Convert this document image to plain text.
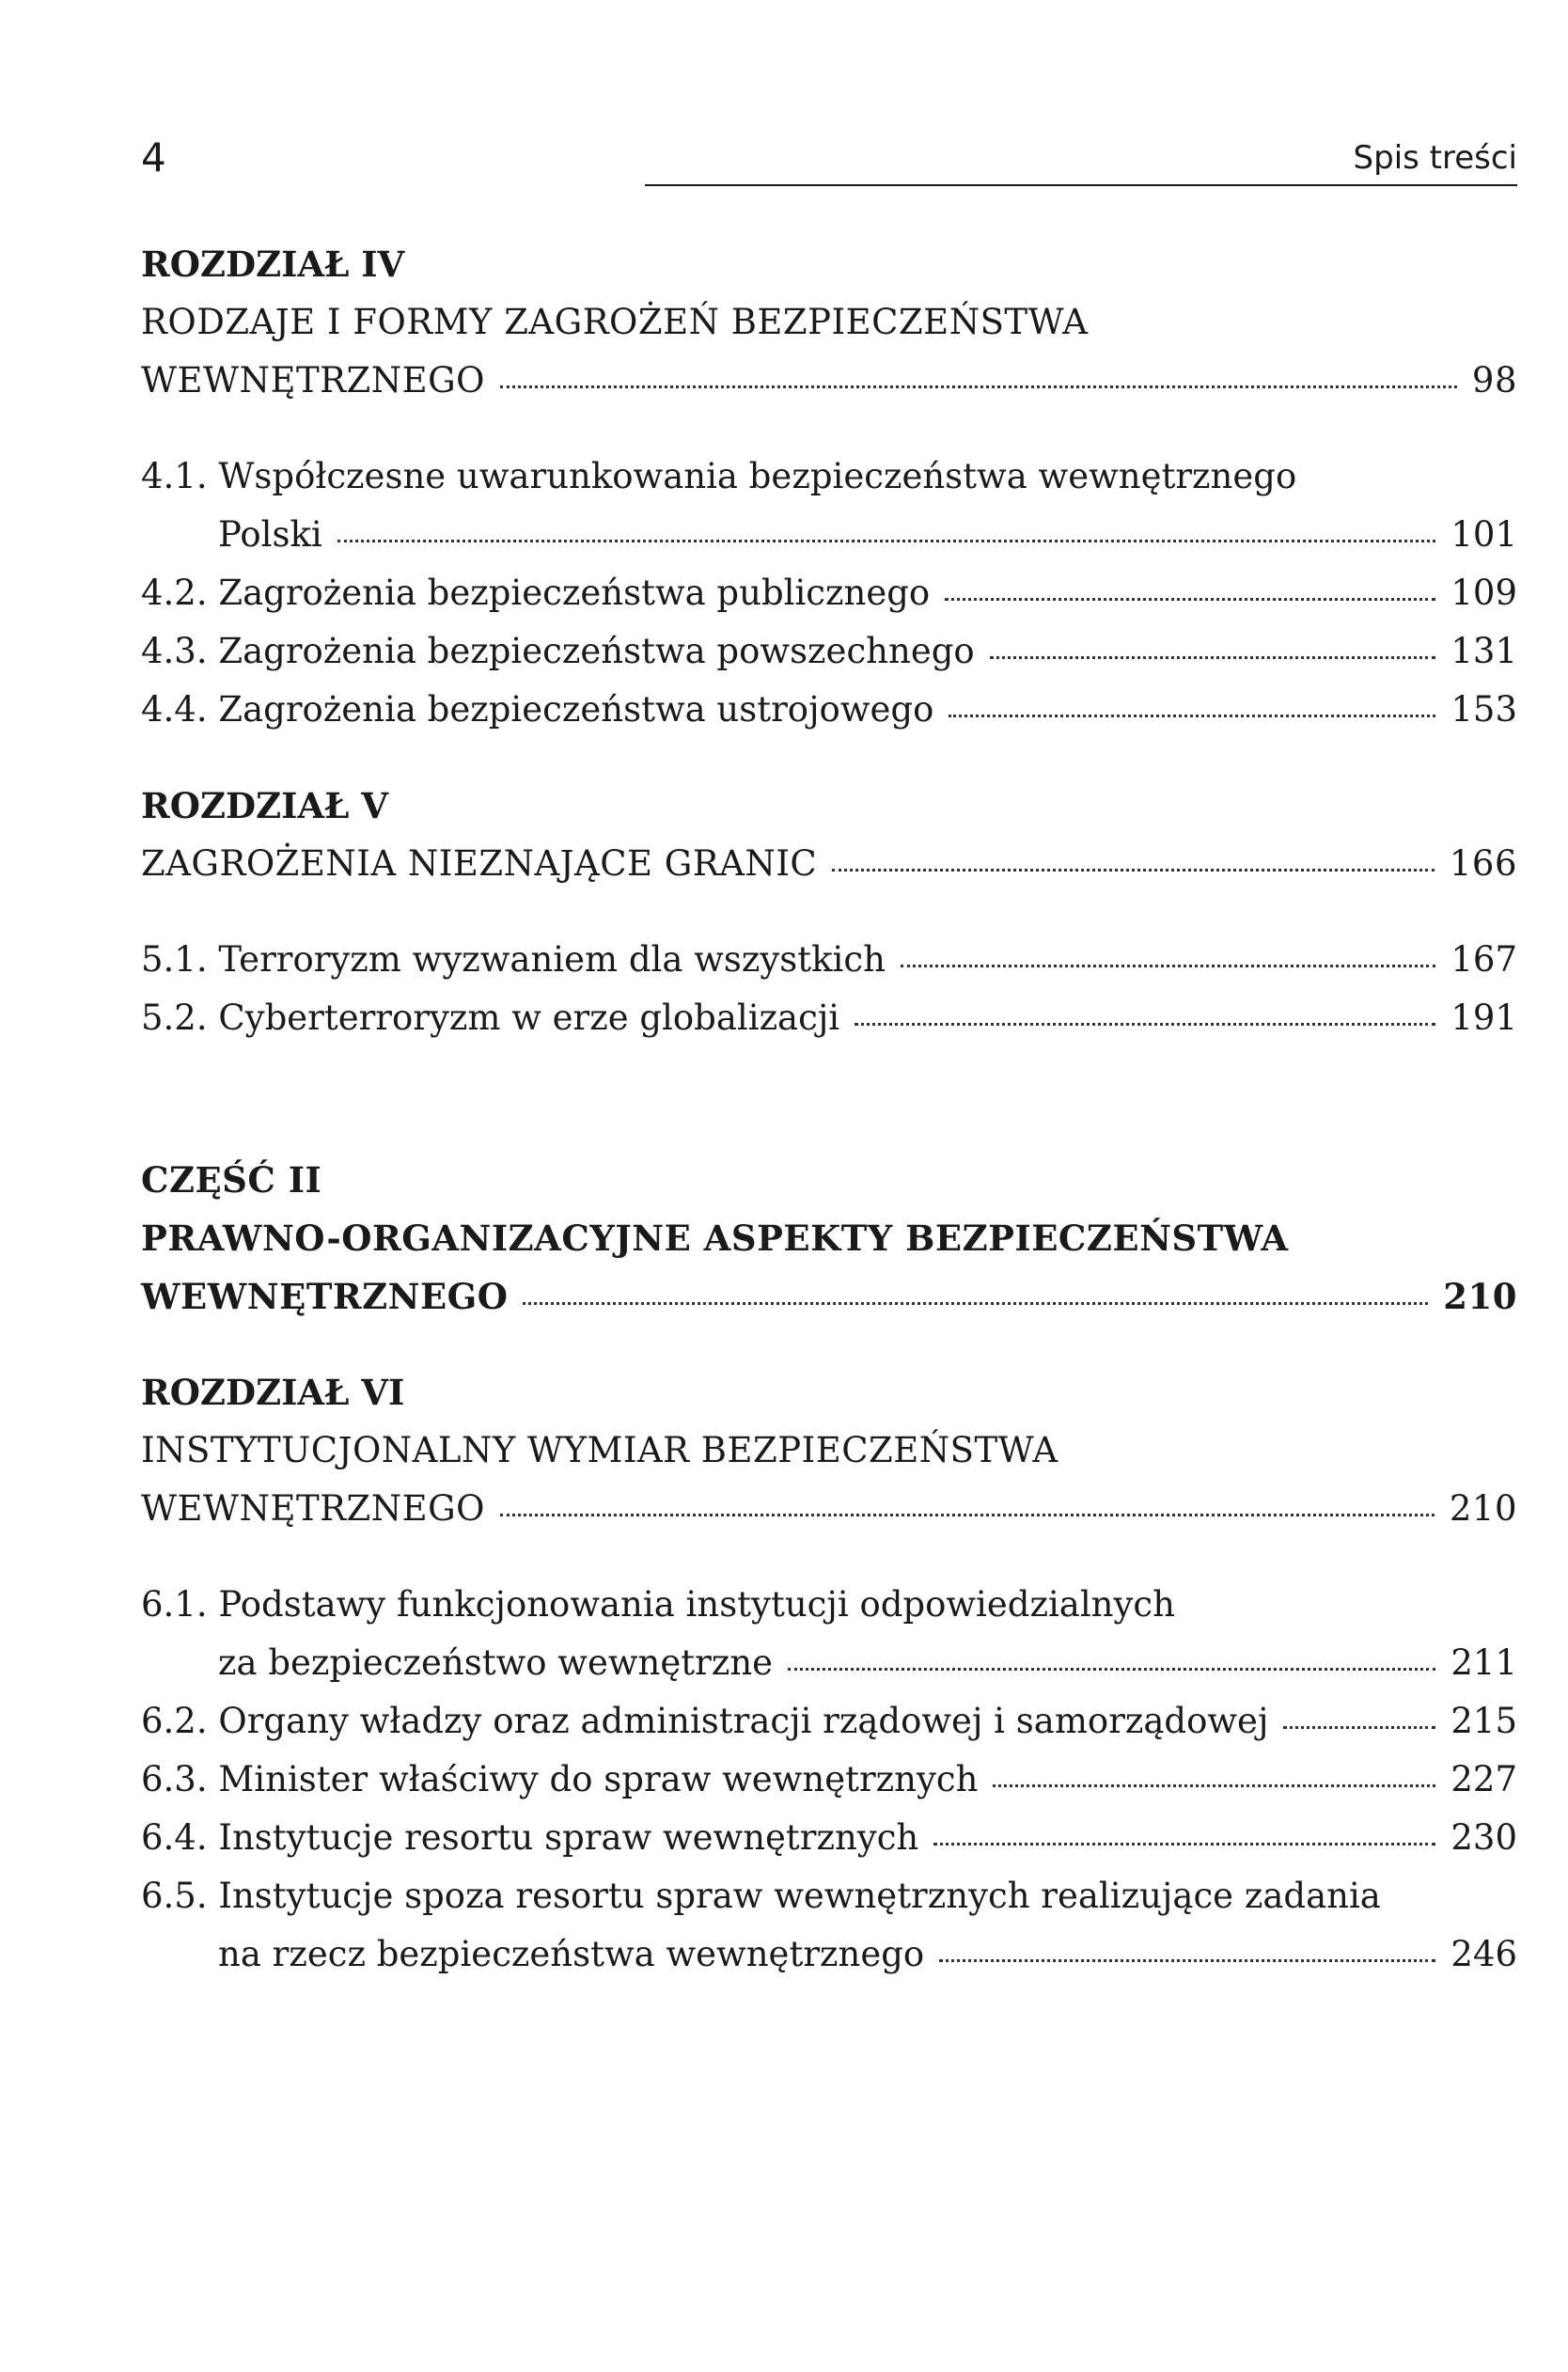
4	Spis treści
ROZDZIAŁ IV
RODZAJE I FORMY ZAGROŻEŃ BEZPIECZEŃSTWA
WEWNĘTRZNEGO	98
4.1. Współczesne uwarunkowania bezpieczeństwa wewnętrznego
Polski	101
4.2. Zagrożenia bezpieczeństwa publicznego	109
4.3. Zagrożenia bezpieczeństwa powszechnego	131
4.4. Zagrożenia bezpieczeństwa ustrojowego	153
ROZDZIAŁ V
ZAGROŻENIA NIEZNAJĄCE GRANIC	166
5.1. Terroryzm wyzwaniem dla wszystkich	167
5.2. Cyberterroryzm w erze globalizacji	191
CZĘŚĆ II
PRAWNO-ORGANIZACYJNE ASPEKTY BEZPIECZEŃSTWA
WEWNĘTRZNEGO	210
ROZDZIAŁ VI
INSTYTUCJONALNY WYMIAR BEZPIECZEŃSTWA
WEWNĘTRZNEGO	210
6.1. Podstawy funkcjonowania instytucji odpowiedzialnych
za bezpieczeństwo wewnętrzne	211
6.2. Organy władzy oraz administracji rządowej i samorządowej	215
6.3. Minister właściwy do spraw wewnętrznych	227
6.4. Instytucje resortu spraw wewnętrznych	230
6.5. Instytucje spoza resortu spraw wewnętrznych realizujące zadania
na rzecz bezpieczeństwa wewnętrznego	246
